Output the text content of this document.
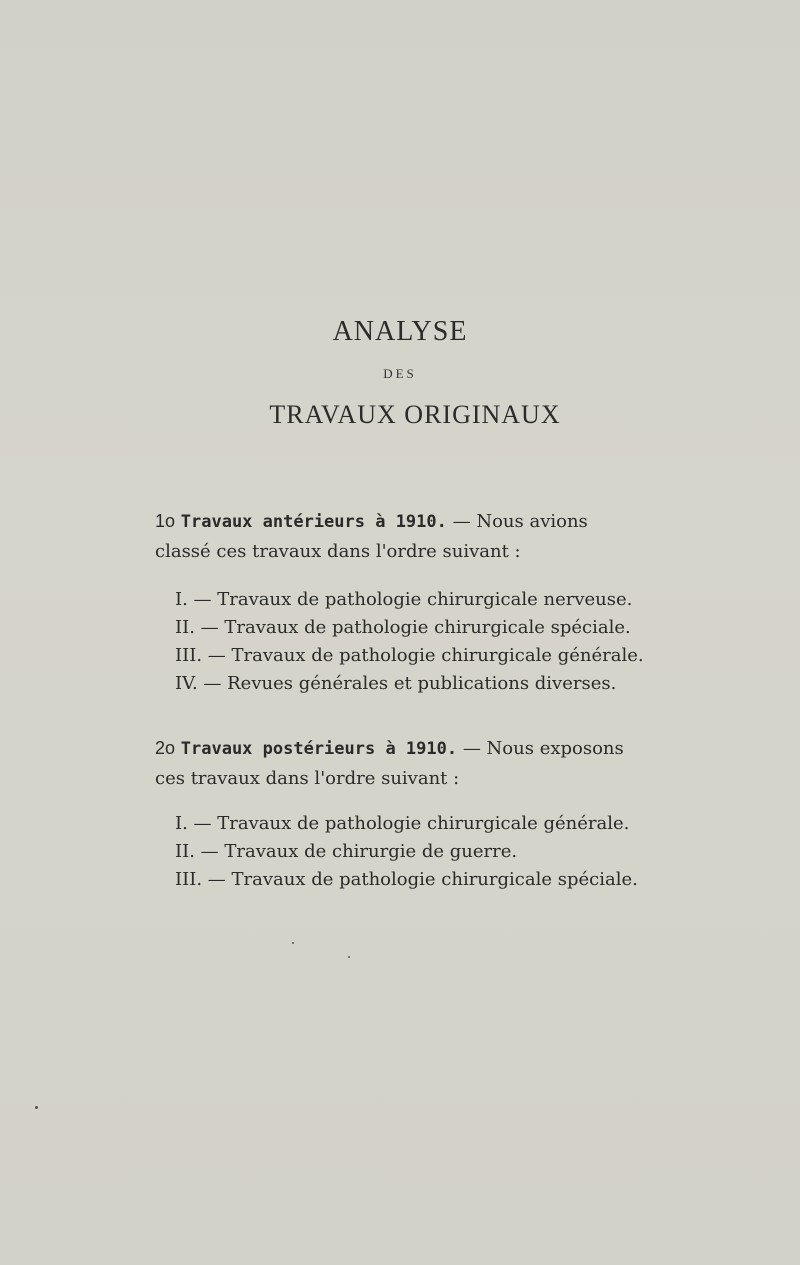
ANALYSE
DES
TRAVAUX ORIGINAUX
1o Travaux antérieurs à 1910. — Nous avions
classé ces travaux dans l'ordre suivant :
I. — Travaux de pathologie chirurgicale nerveuse.
II. — Travaux de pathologie chirurgicale spéciale.
III. — Travaux de pathologie chirurgicale générale.
IV. — Revues générales et publications diverses.
2o Travaux postérieurs à 1910. — Nous exposons
ces travaux dans l'ordre suivant :
I. — Travaux de pathologie chirurgicale générale.
II. — Travaux de chirurgie de guerre.
III. — Travaux de pathologie chirurgicale spéciale.
